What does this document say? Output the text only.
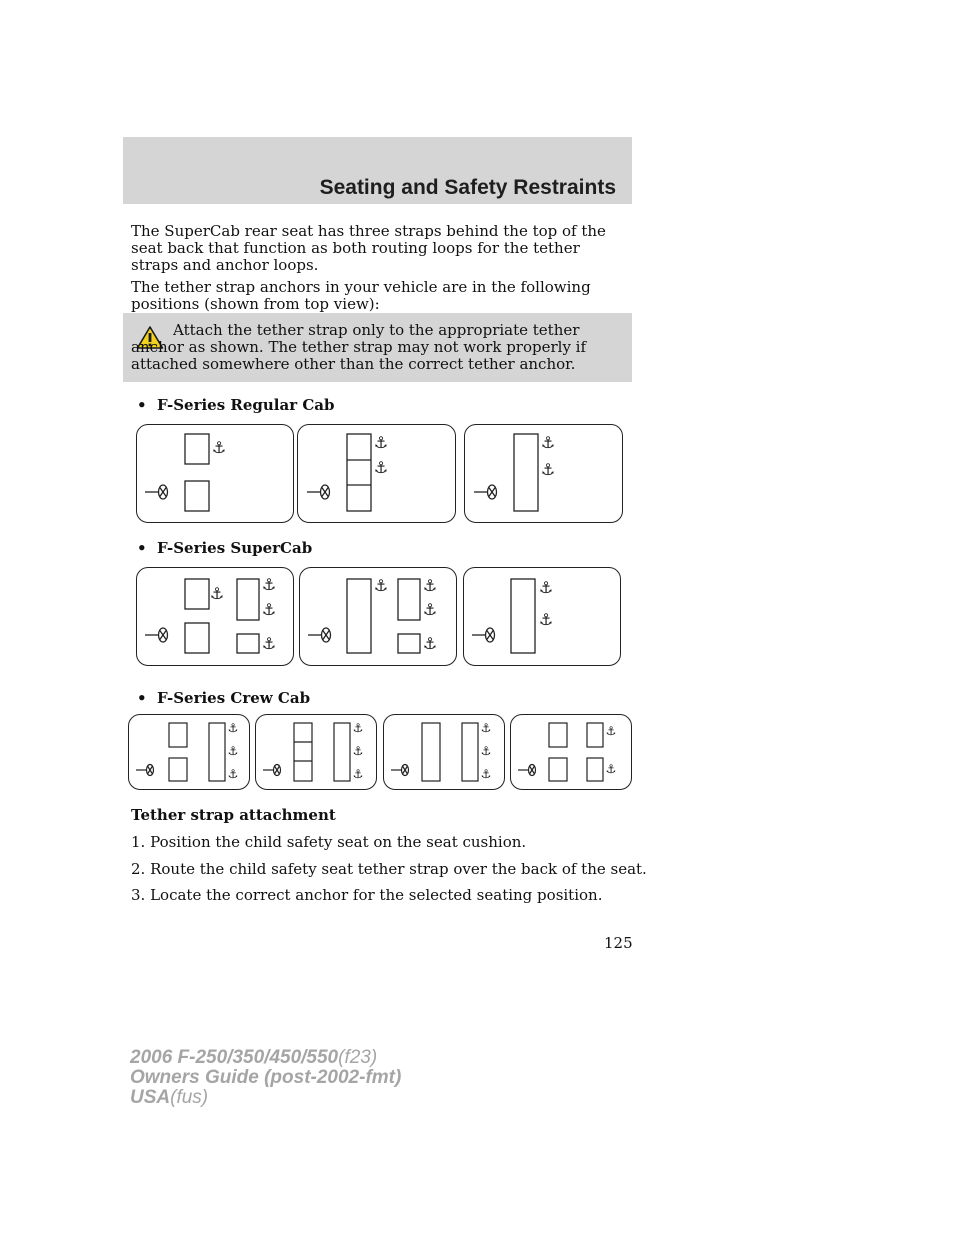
Seating and Safety Restraints

The SuperCab rear seat has three straps behind the top of the seat back that function as both routing loops for the tether straps and anchor loops.

The tether strap anchors in your vehicle are in the following positions (shown from top view):

Attach the tether strap only to the appropriate tether anchor as shown. The tether strap may not work properly if attached somewhere other than the correct tether anchor.

• F-Series Regular Cab
⚓	⚓
⚓
⚓
⚓
• F-Series SuperCab
⚓ ⚓
⚓
⚓
⚓ ⚓
⚓
⚓
⚓
⚓
• F-Series Crew Cab
⚓
⚓
⚓
⚓
⚓
⚓
⚓
⚓
⚓
⚓
⚓
Tether strap attachment
1. Position the child safety seat on the seat cushion.
2. Route the child safety seat tether strap over the back of the seat.
3. Locate the correct anchor for the selected seating position.
125
2006 F-250/350/450/550(f23)
Owners Guide (post-2002-fmt)
USA(fus)
